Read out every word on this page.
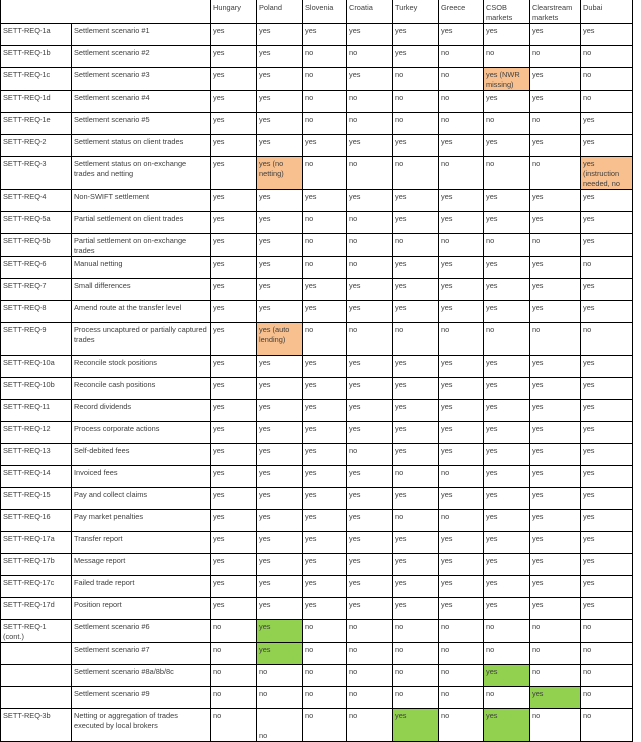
		Hungary	Poland	Slovenia	Croatia	Turkey	Greece	CSOB markets	Clearstream markets	Dubai
SETT-REQ-1a	Settlement scenario #1	yes	yes	yes	yes	yes	yes	yes	yes	yes
SETT-REQ-1b	Settlement scenario #2	yes	yes	no	no	yes	no	no	no	no
SETT-REQ-1c	Settlement scenario #3	yes	yes	no	yes	no	no	yes (NWR missing)	yes	no
SETT-REQ-1d	Settlement scenario #4	yes	yes	no	no	no	no	yes	yes	no
SETT-REQ-1e	Settlement scenario #5	yes	yes	no	no	no	no	no	no	yes
SETT-REQ-2	Settlement status on client trades	yes	yes	yes	yes	yes	yes	yes	yes	yes
SETT-REQ-3	Settlement status on on-exchange trades and netting	yes	yes (no netting)	no	no	no	no	no	no	yes (instruction needed, no
SETT-REQ-4	Non-SWIFT settlement	yes	yes	yes	yes	yes	yes	yes	yes	yes
SETT-REQ-5a	Partial settlement on client trades	yes	yes	no	no	yes	yes	yes	yes	yes
SETT-REQ-5b	Partial settlement on on-exchange trades	yes	yes	no	no	no	no	no	no	yes
SETT-REQ-6	Manual netting	yes	yes	no	no	yes	yes	yes	yes	no
SETT-REQ-7	Small differences	yes	yes	yes	yes	yes	yes	yes	yes	yes
SETT-REQ-8	Amend route at the transfer level	yes	yes	yes	yes	yes	yes	yes	yes	yes
SETT-REQ-9	Process uncaptured or partially captured trades	yes	yes (auto lending)	no	no	no	no	no	no	no
SETT-REQ-10a	Reconcile stock positions	yes	yes	yes	yes	yes	yes	yes	yes	yes
SETT-REQ-10b	Reconcile cash positions	yes	yes	yes	yes	yes	yes	yes	yes	yes
SETT-REQ-11	Record dividends	yes	yes	yes	yes	yes	yes	yes	yes	yes
SETT-REQ-12	Process corporate actions	yes	yes	yes	yes	yes	yes	yes	yes	yes
SETT-REQ-13	Self-debited fees	yes	yes	yes	no	yes	yes	yes	yes	yes
SETT-REQ-14	Invoiced fees	yes	yes	yes	yes	no	no	yes	yes	yes
SETT-REQ-15	Pay and collect claims	yes	yes	yes	yes	yes	yes	yes	yes	yes
SETT-REQ-16	Pay market penalties	yes	yes	yes	yes	no	no	yes	yes	yes
SETT-REQ-17a	Transfer report	yes	yes	yes	yes	yes	yes	yes	yes	yes
SETT-REQ-17b	Message report	yes	yes	yes	yes	yes	yes	yes	yes	yes
SETT-REQ-17c	Failed trade report	yes	yes	yes	yes	yes	yes	yes	yes	yes
SETT-REQ-17d	Position report	yes	yes	yes	yes	yes	yes	yes	yes	yes
SETT-REQ-1 (cont.)	Settlement scenario #6	no	yes	no	no	no	no	no	no	no
	Settlement scenario #7	no	yes	no	no	no	no	no	no	no
	Settlement scenario #8a/8b/8c	no	no	no	no	no	no	yes	no	no
	Settlement scenario #9	no	no	no	no	no	no	no	yes	no
SETT-REQ-3b	Netting or aggregation of trades executed by local brokers	no	no	no	no	yes	no	yes	no	no
